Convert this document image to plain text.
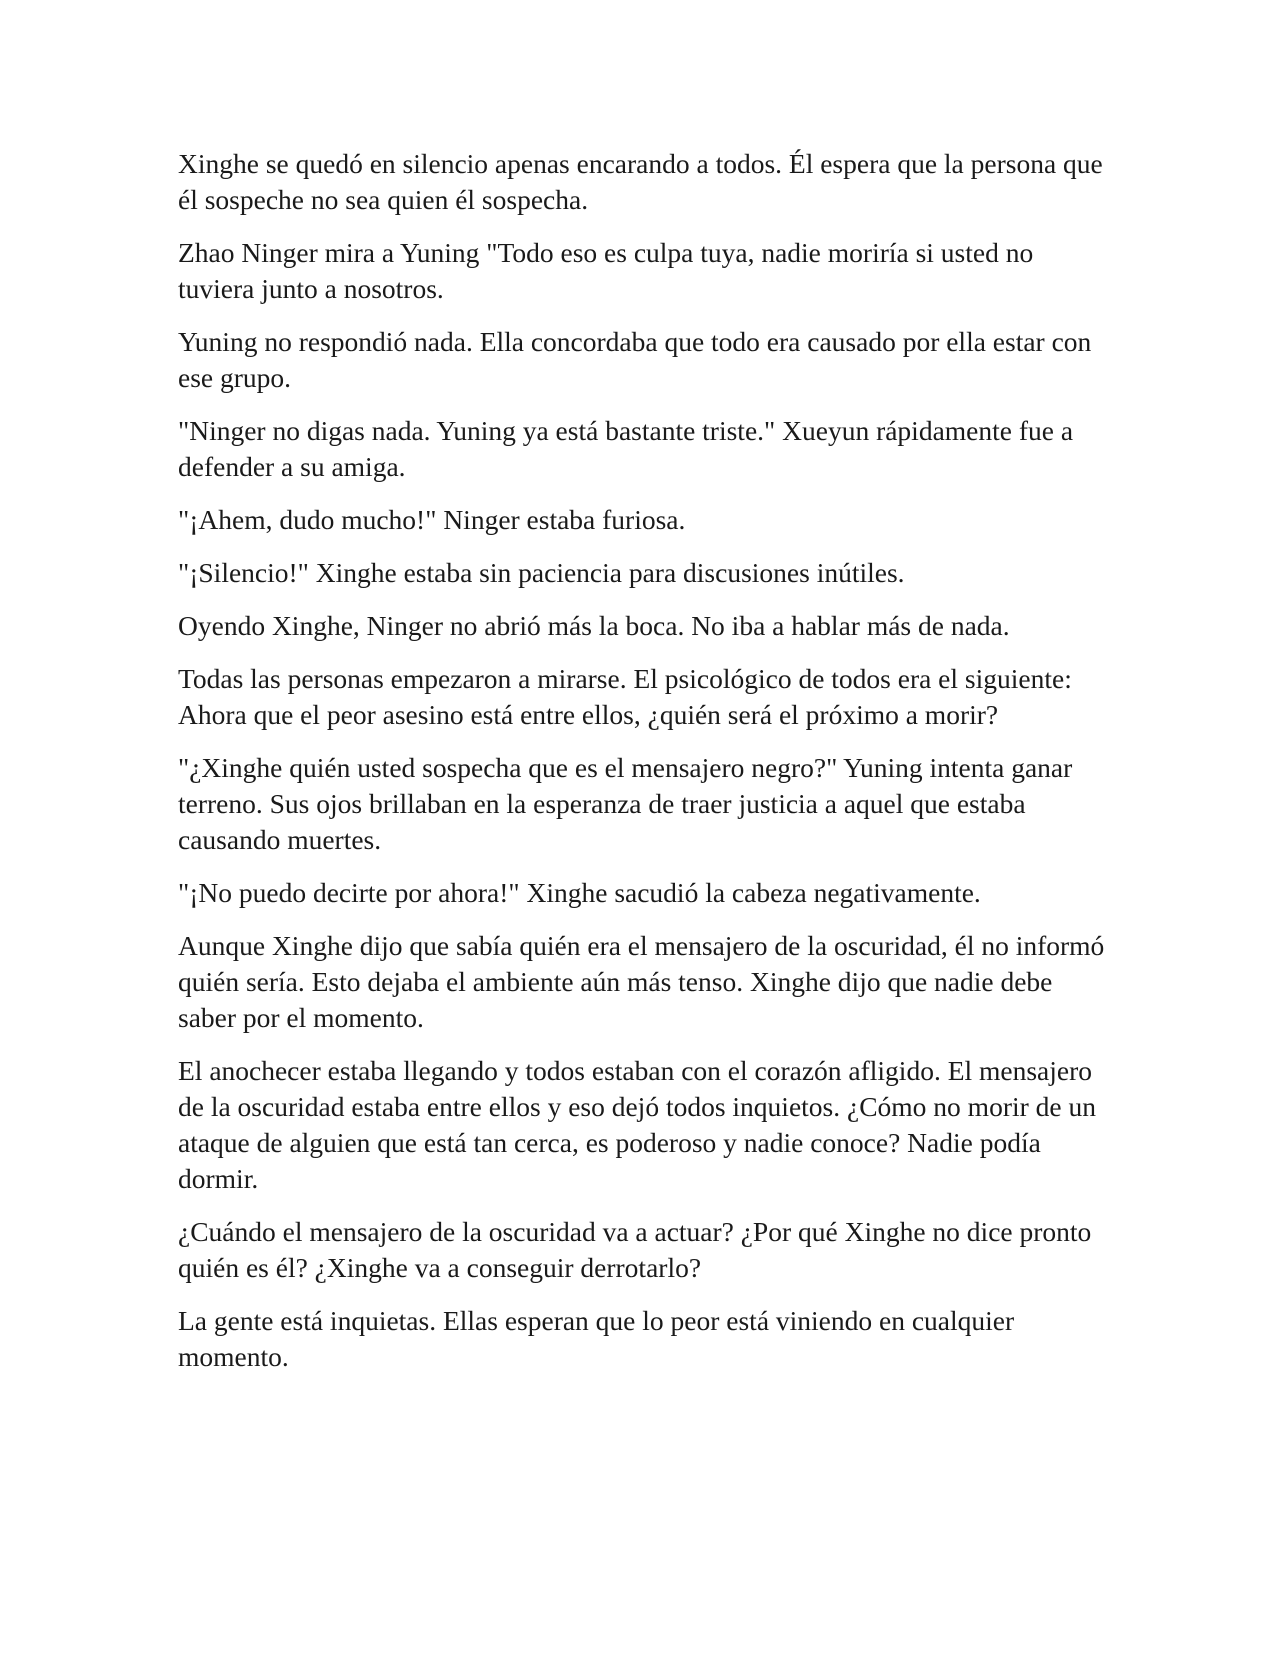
Xinghe se quedó en silencio apenas encarando a todos. Él espera que la persona que él sospeche no sea quien él sospecha.

Zhao Ninger mira a Yuning "Todo eso es culpa tuya, nadie moriría si usted no tuviera junto a nosotros.

Yuning no respondió nada. Ella concordaba que todo era causado por ella estar con ese grupo.

"Ninger no digas nada. Yuning ya está bastante triste." Xueyun rápidamente fue a defender a su amiga.

"¡Ahem, dudo mucho!" Ninger estaba furiosa.

"¡Silencio!" Xinghe estaba sin paciencia para discusiones inútiles.

Oyendo Xinghe, Ninger no abrió más la boca. No iba a hablar más de nada.

Todas las personas empezaron a mirarse. El psicológico de todos era el siguiente: Ahora que el peor asesino está entre ellos, ¿quién será el próximo a morir?

"¿Xinghe quién usted sospecha que es el mensajero negro?" Yuning intenta ganar terreno. Sus ojos brillaban en la esperanza de traer justicia a aquel que estaba causando muertes.

"¡No puedo decirte por ahora!" Xinghe sacudió la cabeza negativamente.

Aunque Xinghe dijo que sabía quién era el mensajero de la oscuridad, él no informó quién sería. Esto dejaba el ambiente aún más tenso. Xinghe dijo que nadie debe saber por el momento.

El anochecer estaba llegando y todos estaban con el corazón afligido. El mensajero de la oscuridad estaba entre ellos y eso dejó todos inquietos. ¿Cómo no morir de un ataque de alguien que está tan cerca, es poderoso y nadie conoce? Nadie podía dormir.

¿Cuándo el mensajero de la oscuridad va a actuar? ¿Por qué Xinghe no dice pronto quién es él? ¿Xinghe va a conseguir derrotarlo?

La gente está inquietas. Ellas esperan que lo peor está viniendo en cualquier momento.
